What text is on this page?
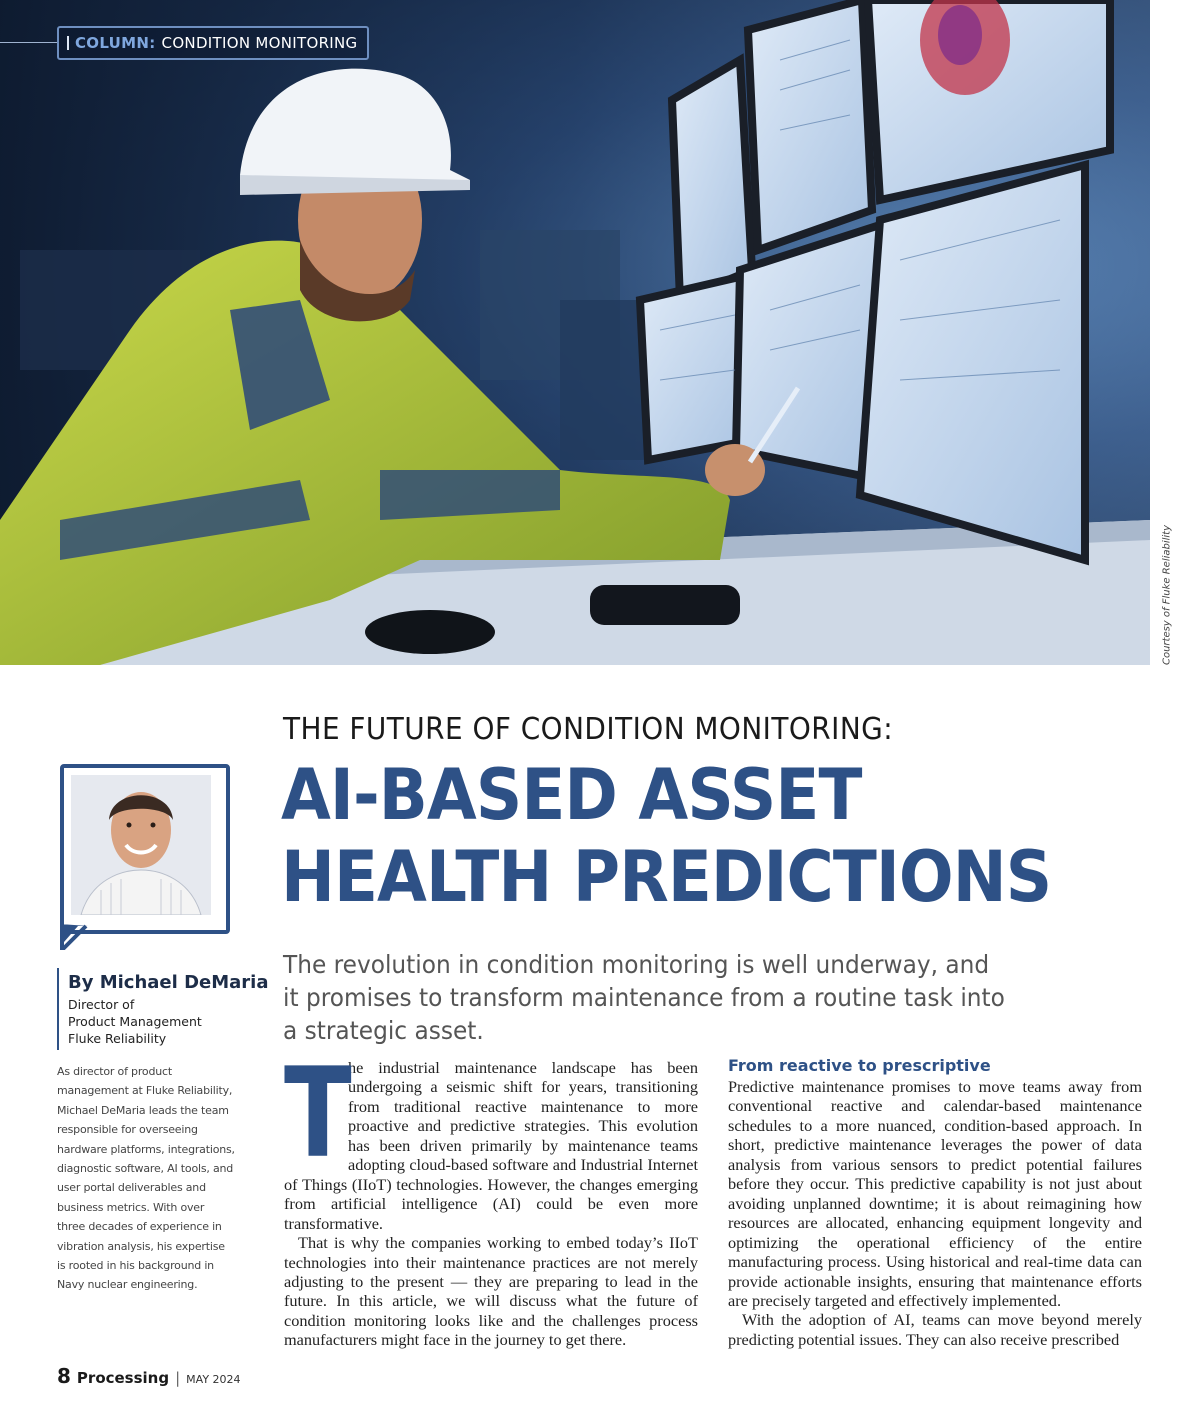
COLUMN: CONDITION MONITORING
Courtesy of Fluke Reliability
By Michael DeMaria
Director of
Product Management
Fluke Reliability
As director of product management at Fluke Reliability, Michael DeMaria leads the team responsible for overseeing hardware platforms, integrations, diagnostic software, AI tools, and user portal deliverables and business metrics. With over three decades of experience in vibration analysis, his expertise is rooted in his background in Navy nuclear engineering.
THE FUTURE OF CONDITION MONITORING:
AI-BASED ASSET
HEALTH PREDICTIONS
The revolution in condition monitoring is well underway, and it promises to transform maintenance from a routine task into a strategic asset.

T
he industrial maintenance landscape has been undergoing a seismic shift for years, transitioning from traditional reactive maintenance to more proactive and predictive strategies. This evolution has been driven primarily by maintenance teams adopting cloud-based software and Industrial Internet of Things (IIoT) technologies. However, the changes emerging from artificial intelligence (AI) could be even more transformative.

That is why the companies working to embed today’s IIoT technologies into their maintenance practices are not merely adjusting to the present — they are preparing to lead in the future. In this article, we will discuss what the future of condition monitoring looks like and the challenges process manufacturers might face in the journey to get there.

From reactive to prescriptive

Predictive maintenance promises to move teams away from conventional reactive and calendar-based maintenance schedules to a more nuanced, condition-based approach. In short, predictive maintenance leverages the power of data analysis from various sensors to predict potential failures before they occur. This predictive capability is not just about avoiding unplanned downtime; it is about reimagining how resources are allocated, enhancing equipment longevity and optimizing the operational efficiency of the entire manufacturing process. Using historical and real-time data can provide actionable insights, ensuring that maintenance efforts are precisely targeted and effectively implemented.

With the adoption of AI, teams can move beyond merely predicting potential issues. They can also receive prescribed

8 Processing | MAY 2024
